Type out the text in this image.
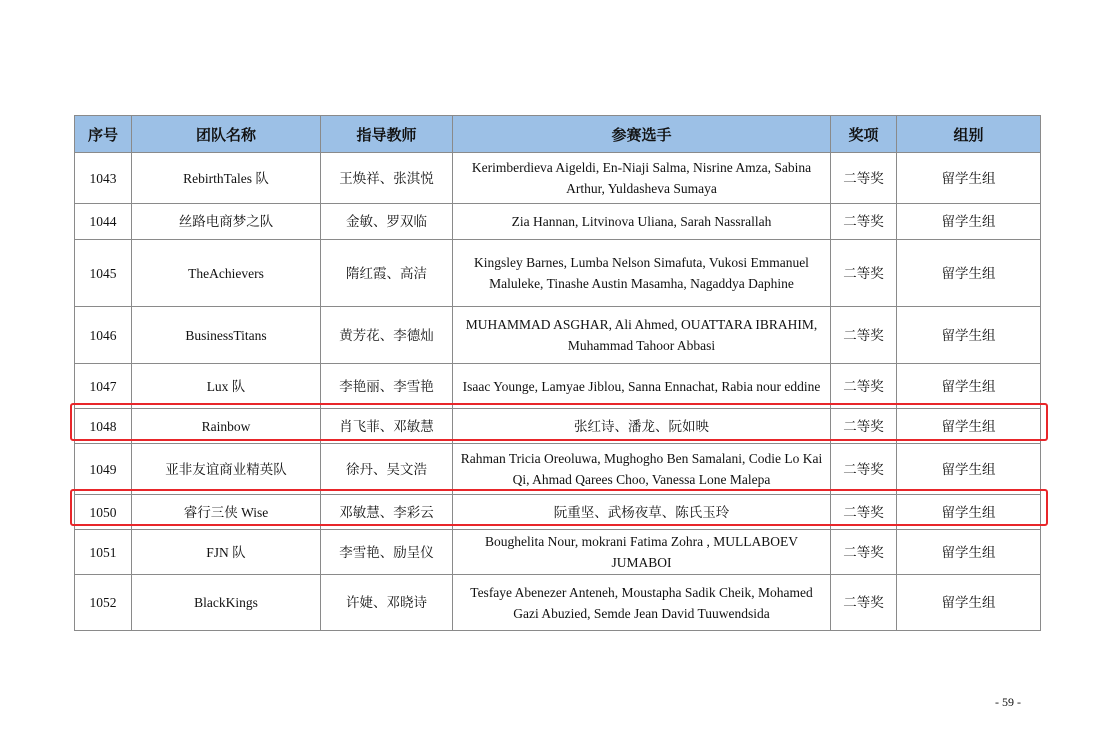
序号	团队名称	指导教师	参赛选手	奖项	组别
1043	RebirthTales 队	王焕祥、张淇悦	Kerimberdieva Aigeldi, En-Niaji Salma, Nisrine Amza, Sabina Arthur, Yuldasheva Sumaya	二等奖	留学生组
1044	丝路电商梦之队	金敏、罗双临	Zia Hannan, Litvinova Uliana, Sarah Nassrallah	二等奖	留学生组
1045	TheAchievers	隋红霞、高洁	Kingsley Barnes, Lumba Nelson Simafuta, Vukosi Emmanuel Maluleke, Tinashe Austin Masamha, Nagaddya Daphine	二等奖	留学生组
1046	BusinessTitans	黄芳花、李德灿	MUHAMMAD ASGHAR, Ali Ahmed, OUATTARA IBRAHIM, Muhammad Tahoor Abbasi	二等奖	留学生组
1047	Lux 队	李艳丽、李雪艳	Isaac Younge, Lamyae Jiblou, Sanna Ennachat, Rabia nour eddine	二等奖	留学生组
1048	Rainbow	肖飞菲、邓敏慧	张红诗、潘龙、阮如映	二等奖	留学生组
1049	亚非友谊商业精英队	徐丹、吴文浩	Rahman Tricia Oreoluwa, Mughogho Ben Samalani, Codie Lo Kai Qi, Ahmad Qarees Choo, Vanessa Lone Malepa	二等奖	留学生组
1050	睿行三侠 Wise	邓敏慧、李彩云	阮重坚、武杨夜草、陈氏玉玲	二等奖	留学生组
1051	FJN 队	李雪艳、励呈仪	Boughelita Nour, mokrani Fatima Zohra , MULLABOEV JUMABOI	二等奖	留学生组
1052	BlackKings	许婕、邓晓诗	Tesfaye Abenezer Anteneh, Moustapha Sadik Cheik, Mohamed Gazi Abuzied, Semde Jean David Tuuwendsida	二等奖	留学生组
- 59 -
